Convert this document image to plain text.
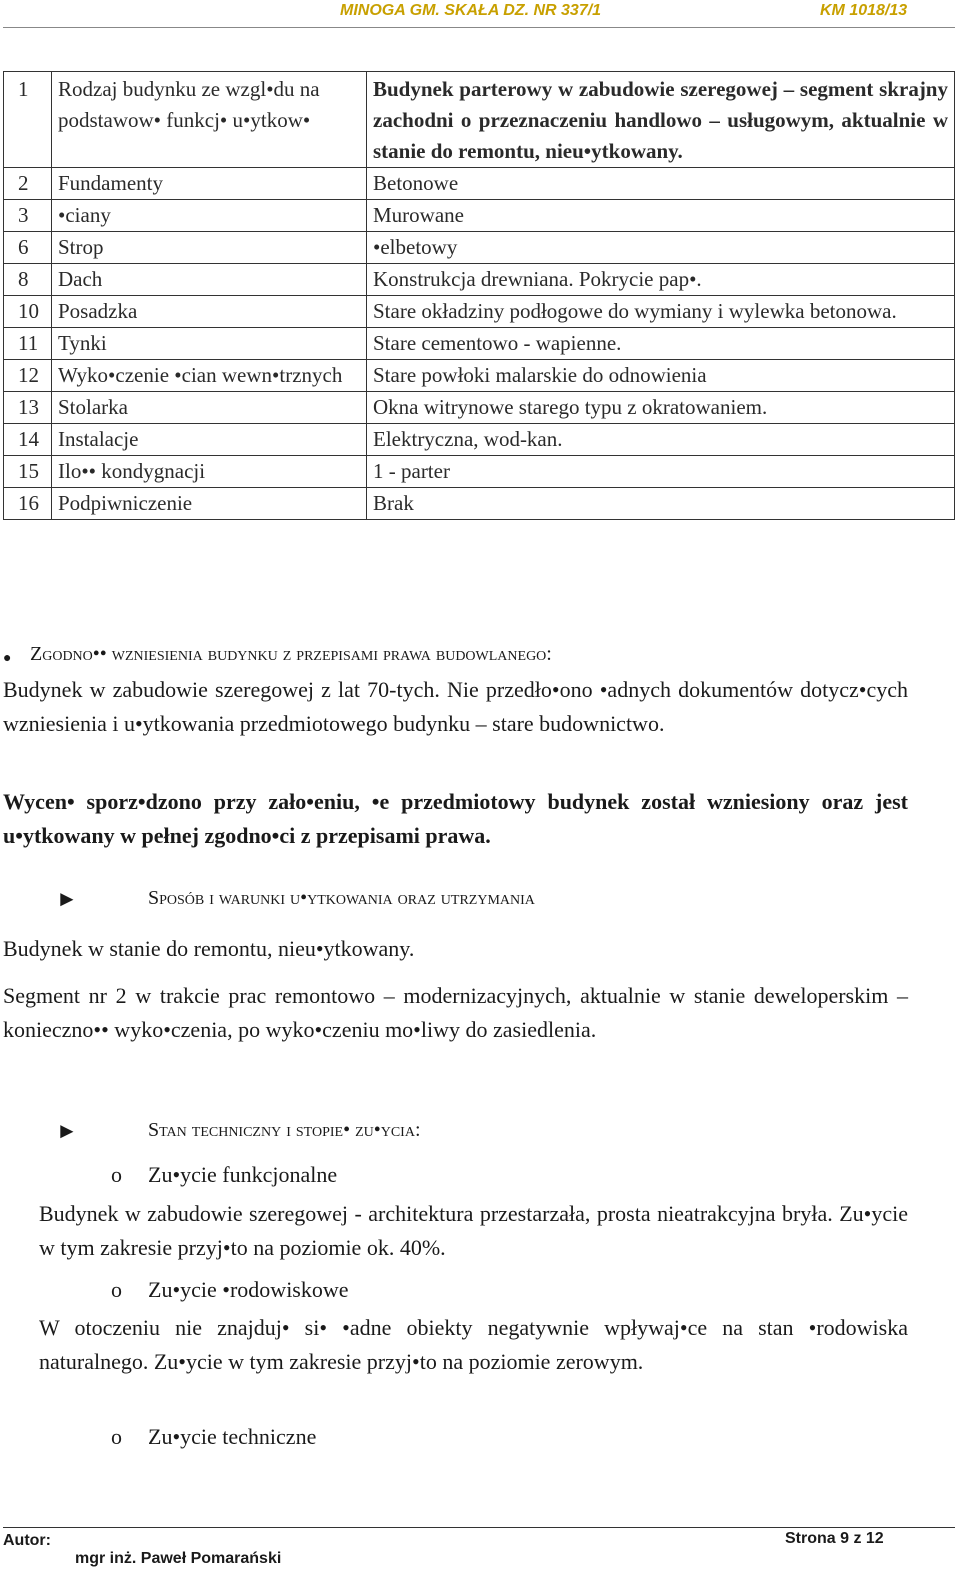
MINOGA GM. SKAŁA DZ. NR 337/1	KM 1018/13
1	Rodzaj budynku ze wzgl•du na podstawow• funkcj• u•ytkow•	Budynek parterowy w zabudowie szeregowej – segment skrajny zachodni o przeznaczeniu handlowo – usługowym, aktualnie w stanie do remontu, nieu•ytkowany.
2	Fundamenty	Betonowe
3	•ciany	Murowane
6	Strop	•elbetowy
8	Dach	Konstrukcja drewniana. Pokrycie pap•.
10	Posadzka	Stare okładziny podłogowe do wymiany i wylewka betonowa.
11	Tynki	Stare cementowo - wapienne.
12	Wyko•czenie •cian wewn•trznych	Stare powłoki malarskie do odnowienia
13	Stolarka	Okna witrynowe starego typu z okratowaniem.
14	Instalacje	Elektryczna, wod-kan.
15	Ilo•• kondygnacji	1 - parter
16	Podpiwniczenie	Brak
● Zgodno•• wzniesienia budynku z przepisami prawa budowlanego:
Budynek w zabudowie szeregowej z lat 70-tych. Nie przedło•ono •adnych dokumentów dotycz•cych wzniesienia i u•ytkowania przedmiotowego budynku – stare budownictwo.
Wycen• sporz•dzono przy zało•eniu, •e przedmiotowy budynek został wzniesiony oraz jest u•ytkowany w pełnej zgodno•ci z przepisami prawa.
►	Sposób i warunki u•ytkowania oraz utrzymania
Budynek w stanie do remontu, nieu•ytkowany.
Segment nr 2 w trakcie prac remontowo – modernizacyjnych, aktualnie w stanie deweloperskim – konieczno•• wyko•czenia, po wyko•czeniu mo•liwy do zasiedlenia.
►	Stan techniczny i stopie• zu•ycia:
o Zu•ycie funkcjonalne
Budynek w zabudowie szeregowej - architektura przestarzała, prosta nieatrakcyjna bryła. Zu•ycie w tym zakresie przyj•to na poziomie ok. 40%.
o Zu•ycie •rodowiskowe
W otoczeniu nie znajduj• si• •adne obiekty negatywnie wpływaj•ce na stan •rodowiska naturalnego. Zu•ycie w tym zakresie przyj•to na poziomie zerowym.
o Zu•ycie techniczne
Autor:
mgr inż. Paweł Pomarański
Strona 9 z 12
